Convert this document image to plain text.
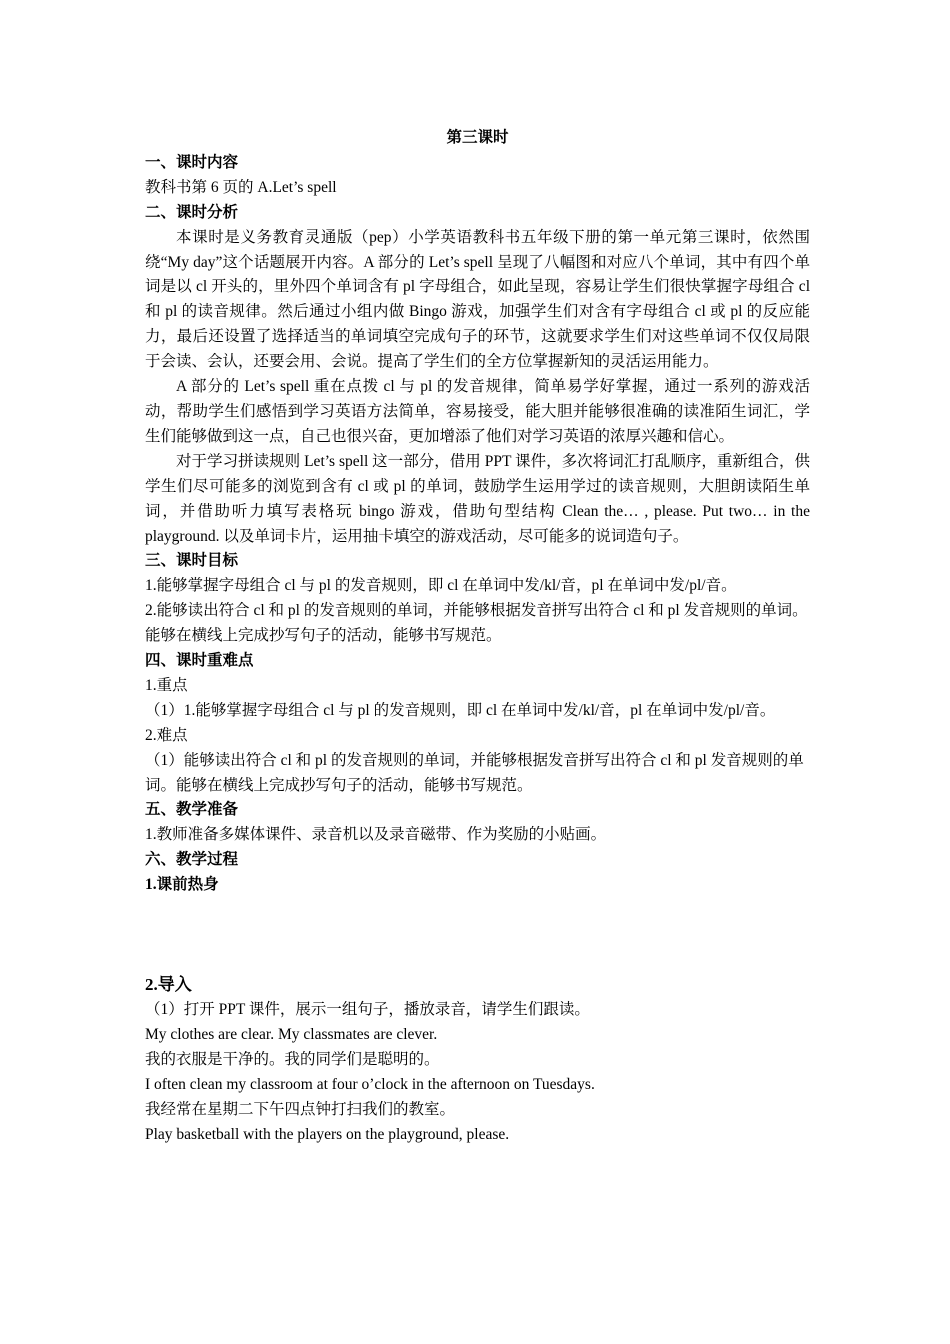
第三课时

一、课时内容

教科书第 6 页的 A.Let’s spell

二、课时分析

本课时是义务教育灵通版（pep）小学英语教科书五年级下册的第一单元第三课时，依然围绕“My day”这个话题展开内容。A 部分的 Let’s spell 呈现了八幅图和对应八个单词，其中有四个单词是以 cl 开头的，里外四个单词含有 pl 字母组合，如此呈现，容易让学生们很快掌握字母组合 cl 和 pl 的读音规律。然后通过小组内做 Bingo 游戏，加强学生们对含有字母组合 cl 或 pl 的反应能力，最后还设置了选择适当的单词填空完成句子的环节，这就要求学生们对这些单词不仅仅局限于会读、会认，还要会用、会说。提高了学生们的全方位掌握新知的灵活运用能力。

A 部分的 Let’s spell 重在点拨 cl 与 pl 的发音规律，简单易学好掌握，通过一系列的游戏活动，帮助学生们感悟到学习英语方法简单，容易接受，能大胆并能够很准确的读准陌生词汇，学生们能够做到这一点，自己也很兴奋，更加增添了他们对学习英语的浓厚兴趣和信心。

对于学习拼读规则 Let’s spell 这一部分，借用 PPT 课件，多次将词汇打乱顺序，重新组合，供学生们尽可能多的浏览到含有 cl 或 pl 的单词，鼓励学生运用学过的读音规则，大胆朗读陌生单词，并借助听力填写表格玩 bingo 游戏，借助句型结构 Clean the… , please. Put two… in the playground. 以及单词卡片，运用抽卡填空的游戏活动，尽可能多的说词造句子。

三、课时目标

1.能够掌握字母组合 cl 与 pl 的发音规则，即 cl 在单词中发/kl/音，pl 在单词中发/pl/音。

2.能够读出符合 cl 和 pl 的发音规则的单词，并能够根据发音拼写出符合 cl 和 pl 发音规则的单词。能够在横线上完成抄写句子的活动，能够书写规范。

四、课时重难点

1.重点

（1）1.能够掌握字母组合 cl 与 pl 的发音规则，即 cl 在单词中发/kl/音，pl 在单词中发/pl/音。

2.难点

（1）能够读出符合 cl 和 pl 的发音规则的单词，并能够根据发音拼写出符合 cl 和 pl 发音规则的单词。能够在横线上完成抄写句子的活动，能够书写规范。

五、教学准备

1.教师准备多媒体课件、录音机以及录音磁带、作为奖励的小贴画。

六、教学过程

1.课前热身

2.导入

（1）打开 PPT 课件，展示一组句子，播放录音，请学生们跟读。

My clothes are clear. My classmates are clever.

我的衣服是干净的。我的同学们是聪明的。

I often clean my classroom at four o’clock in the afternoon on Tuesdays.

我经常在星期二下午四点钟打扫我们的教室。

Play basketball with the players on the playground, please.
